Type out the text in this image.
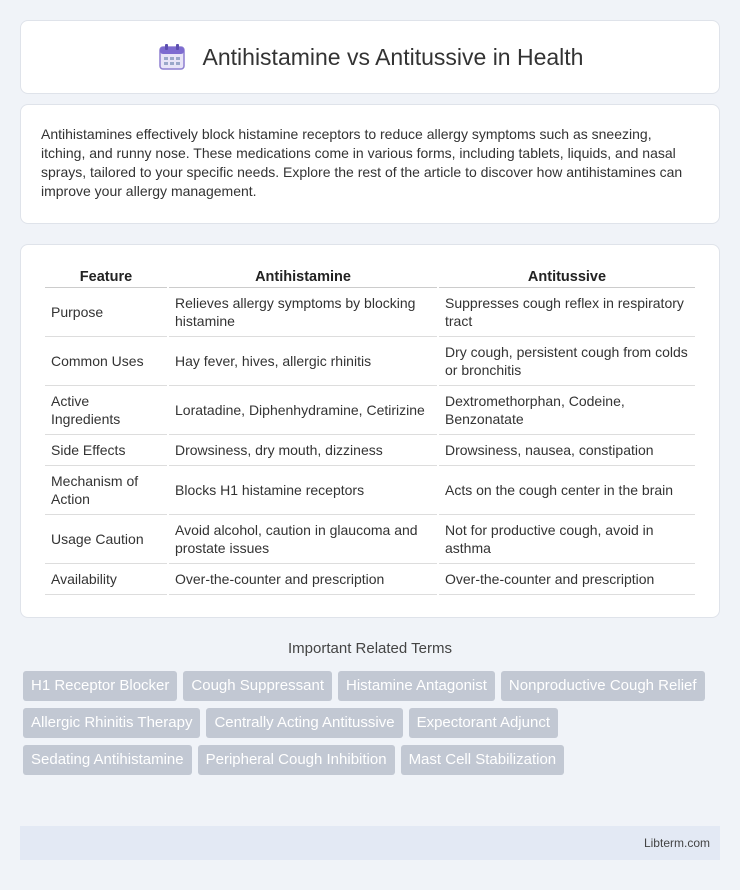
Antihistamine vs Antitussive in Health

Antihistamines effectively block histamine receptors to reduce allergy symptoms such as sneezing, itching, and runny nose. These medications come in various forms, including tablets, liquids, and nasal sprays, tailored to your specific needs. Explore the rest of the article to discover how antihistamines can improve your allergy management.

Feature	Antihistamine	Antitussive
Purpose	Relieves allergy symptoms by blocking histamine	Suppresses cough reflex in respiratory tract
Common Uses	Hay fever, hives, allergic rhinitis	Dry cough, persistent cough from colds or bronchitis
Active Ingredients	Loratadine, Diphenhydramine, Cetirizine	Dextromethorphan, Codeine, Benzonatate
Side Effects	Drowsiness, dry mouth, dizziness	Drowsiness, nausea, constipation
Mechanism of Action	Blocks H1 histamine receptors	Acts on the cough center in the brain
Usage Caution	Avoid alcohol, caution in glaucoma and prostate issues	Not for productive cough, avoid in asthma
Availability	Over-the-counter and prescription	Over-the-counter and prescription
Important Related Terms
H1 Receptor Blocker	Cough Suppressant	Histamine Antagonist	Nonproductive Cough Relief
Allergic Rhinitis Therapy	Centrally Acting Antitussive	Expectorant Adjunct
Sedating Antihistamine	Peripheral Cough Inhibition	Mast Cell Stabilization
Libterm.com
